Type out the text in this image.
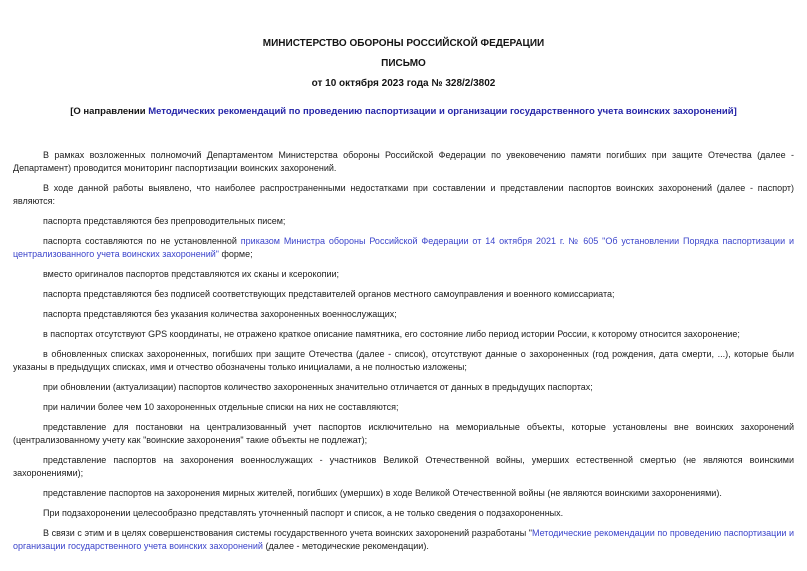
МИНИСТЕРСТВО ОБОРОНЫ РОССИЙСКОЙ ФЕДЕРАЦИИ

ПИСЬМО

от 10 октября 2023 года № 328/2/3802

[О направлении Методических рекомендаций по проведению паспортизации и организации государственного учета воинских захоронений]

В рамках возложенных полномочий Департаментом Министерства обороны Российской Федерации по увековечению памяти погибших при защите Отечества (далее - Департамент) проводится мониторинг паспортизации воинских захоронений.

В ходе данной работы выявлено, что наиболее распространенными недостатками при составлении и представлении паспортов воинских захоронений (далее - паспорт) являются:

паспорта представляются без препроводительных писем;

паспорта составляются по не установленной приказом Министра обороны Российской Федерации от 14 октября 2021 г. № 605 "Об установлении Порядка паспортизации и централизованного учета воинских захоронений" форме;

вместо оригиналов паспортов представляются их сканы и ксерокопии;

паспорта представляются без подписей соответствующих представителей органов местного самоуправления и военного комиссариата;

паспорта представляются без указания количества захороненных военнослужащих;

в паспортах отсутствуют GPS координаты, не отражено краткое описание памятника, его состояние либо период истории России, к которому относится захоронение;

в обновленных списках захороненных, погибших при защите Отечества (далее - список), отсутствуют данные о захороненных (год рождения, дата смерти, ...), которые были указаны в предыдущих списках, имя и отчество обозначены только инициалами, а не полностью изложены;

при обновлении (актуализации) паспортов количество захороненных значительно отличается от данных в предыдущих паспортах;

при наличии более чем 10 захороненных отдельные списки на них не составляются;

представление для постановки на централизованный учет паспортов исключительно на мемориальные объекты, которые установлены вне воинских захоронений (централизованному учету как "воинские захоронения" такие объекты не подлежат);

представление паспортов на захоронения военнослужащих - участников Великой Отечественной войны, умерших естественной смертью (не являются воинскими захоронениями);

представление паспортов на захоронения мирных жителей, погибших (умерших) в ходе Великой Отечественной войны (не являются воинскими захоронениями).

При подзахоронении целесообразно представлять уточненный паспорт и список, а не только сведения о подзахороненных.

В связи с этим и в целях совершенствования системы государственного учета воинских захоронений разработаны "Методические рекомендации по проведению паспортизации и организации государственного учета воинских захоронений (далее - методические рекомендации).
